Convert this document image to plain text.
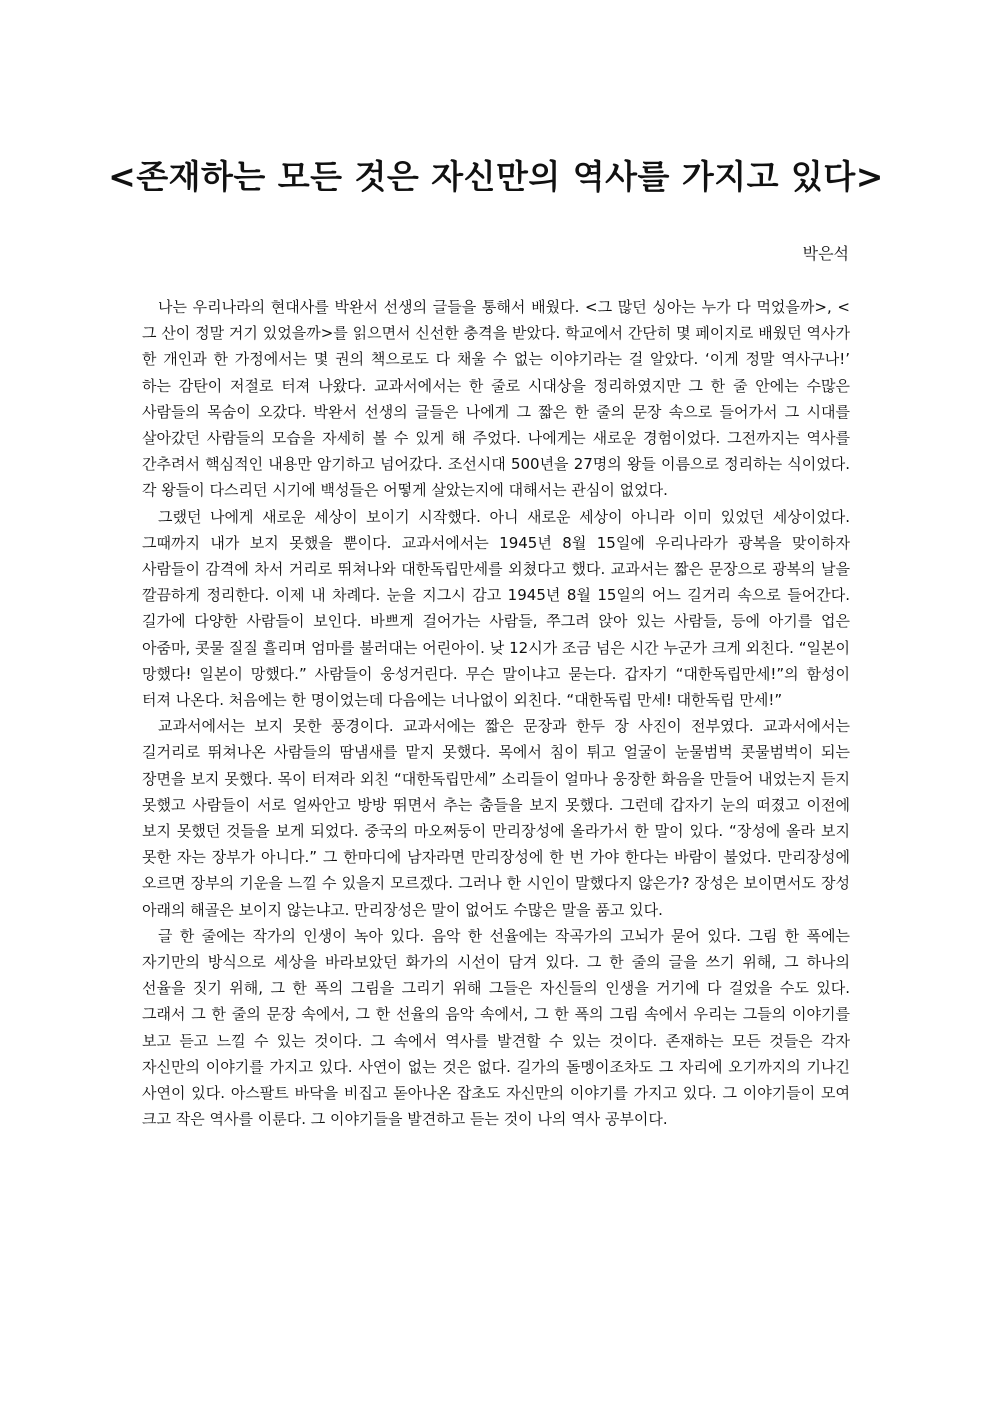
<존재하는 모든 것은 자신만의 역사를 가지고 있다>
박은석

나는 우리나라의 현대사를 박완서 선생의 글들을 통해서 배웠다. <그 많던 싱아는 누가 다 먹었을까>, <그 산이 정말 거기 있었을까>를 읽으면서 신선한 충격을 받았다. 학교에서 간단히 몇 페이지로 배웠던 역사가 한 개인과 한 가정에서는 몇 권의 책으로도 다 채울 수 없는 이야기라는 걸 알았다. ‘이게 정말 역사구나!’ 하는 감탄이 저절로 터져 나왔다. 교과서에서는 한 줄로 시대상을 정리하였지만 그 한 줄 안에는 수많은 사람들의 목숨이 오갔다. 박완서 선생의 글들은 나에게 그 짧은 한 줄의 문장 속으로 들어가서 그 시대를 살아갔던 사람들의 모습을 자세히 볼 수 있게 해 주었다. 나에게는 새로운 경험이었다. 그전까지는 역사를 간추려서 핵심적인 내용만 암기하고 넘어갔다. 조선시대 500년을 27명의 왕들 이름으로 정리하는 식이었다. 각 왕들이 다스리던 시기에 백성들은 어떻게 살았는지에 대해서는 관심이 없었다.

그랬던 나에게 새로운 세상이 보이기 시작했다. 아니 새로운 세상이 아니라 이미 있었던 세상이었다. 그때까지 내가 보지 못했을 뿐이다. 교과서에서는 1945년 8월 15일에 우리나라가 광복을 맞이하자 사람들이 감격에 차서 거리로 뛰쳐나와 대한독립만세를 외쳤다고 했다. 교과서는 짧은 문장으로 광복의 날을 깔끔하게 정리한다. 이제 내 차례다. 눈을 지그시 감고 1945년 8월 15일의 어느 길거리 속으로 들어간다. 길가에 다양한 사람들이 보인다. 바쁘게 걸어가는 사람들, 쭈그려 앉아 있는 사람들, 등에 아기를 업은 아줌마, 콧물 질질 흘리며 엄마를 불러대는 어린아이. 낮 12시가 조금 넘은 시간 누군가 크게 외친다. “일본이 망했다! 일본이 망했다.” 사람들이 웅성거린다. 무슨 말이냐고 묻는다. 갑자기 “대한독립만세!”의 함성이 터져 나온다. 처음에는 한 명이었는데 다음에는 너나없이 외친다. “대한독립 만세! 대한독립 만세!”

교과서에서는 보지 못한 풍경이다. 교과서에는 짧은 문장과 한두 장 사진이 전부였다. 교과서에서는 길거리로 뛰쳐나온 사람들의 땀냄새를 맡지 못했다. 목에서 침이 튀고 얼굴이 눈물범벅 콧물범벅이 되는 장면을 보지 못했다. 목이 터져라 외친 “대한독립만세” 소리들이 얼마나 웅장한 화음을 만들어 내었는지 듣지 못했고 사람들이 서로 얼싸안고 방방 뛰면서 추는 춤들을 보지 못했다. 그런데 갑자기 눈의 떠졌고 이전에 보지 못했던 것들을 보게 되었다. 중국의 마오쩌둥이 만리장성에 올라가서 한 말이 있다. “장성에 올라 보지 못한 자는 장부가 아니다.” 그 한마디에 남자라면 만리장성에 한 번 가야 한다는 바람이 불었다. 만리장성에 오르면 장부의 기운을 느낄 수 있을지 모르겠다. 그러나 한 시인이 말했다지 않은가? 장성은 보이면서도 장성 아래의 해골은 보이지 않는냐고. 만리장성은 말이 없어도 수많은 말을 품고 있다.

글 한 줄에는 작가의 인생이 녹아 있다. 음악 한 선율에는 작곡가의 고뇌가 묻어 있다. 그림 한 폭에는 자기만의 방식으로 세상을 바라보았던 화가의 시선이 담겨 있다. 그 한 줄의 글을 쓰기 위해, 그 하나의 선율을 짓기 위해, 그 한 폭의 그림을 그리기 위해 그들은 자신들의 인생을 거기에 다 걸었을 수도 있다. 그래서 그 한 줄의 문장 속에서, 그 한 선율의 음악 속에서, 그 한 폭의 그림 속에서 우리는 그들의 이야기를 보고 듣고 느낄 수 있는 것이다. 그 속에서 역사를 발견할 수 있는 것이다. 존재하는 모든 것들은 각자 자신만의 이야기를 가지고 있다. 사연이 없는 것은 없다. 길가의 돌멩이조차도 그 자리에 오기까지의 기나긴 사연이 있다. 아스팔트 바닥을 비집고 돋아나온 잡초도 자신만의 이야기를 가지고 있다. 그 이야기들이 모여 크고 작은 역사를 이룬다. 그 이야기들을 발견하고 듣는 것이 나의 역사 공부이다.
